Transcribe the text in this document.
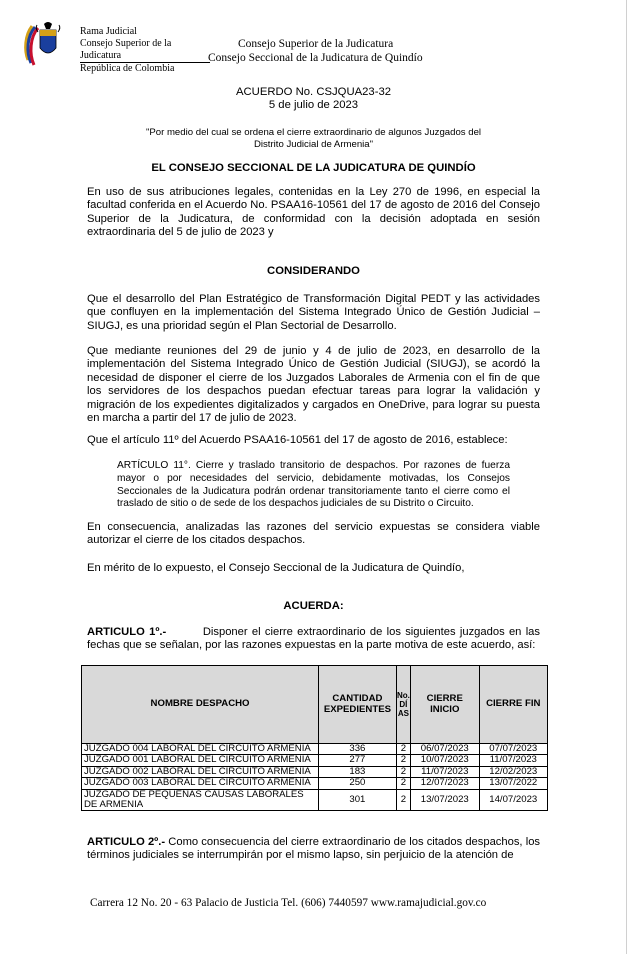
Rama Judicial
Consejo Superior de la Judicatura
República de Colombia
Consejo Superior de la Judicatura
Consejo Seccional de la Judicatura de Quindío
ACUERDO No. CSJQUA23-32
5 de julio de 2023
"Por medio del cual se ordena el cierre extraordinario de algunos Juzgados del
Distrito Judicial de Armenia"
EL CONSEJO SECCIONAL DE LA JUDICATURA DE QUINDÍO
En uso de sus atribuciones legales, contenidas en la Ley 270 de 1996, en especial la facultad conferida en el Acuerdo No. PSAA16-10561 del 17 de agosto de 2016 del Consejo Superior de la Judicatura, de conformidad con la decisión adoptada en sesión extraordinaria del 5 de julio de 2023 y
CONSIDERANDO
Que el desarrollo del Plan Estratégico de Transformación Digital PEDT y las actividades que confluyen en la implementación del Sistema Integrado Único de Gestión Judicial – SIUGJ, es una prioridad según el Plan Sectorial de Desarrollo.
Que mediante reuniones del 29 de junio y 4 de julio de 2023, en desarrollo de la implementación del Sistema Integrado Único de Gestión Judicial (SIUGJ), se acordó la necesidad de disponer el cierre de los Juzgados Laborales de Armenia con el fin de que los servidores de los despachos puedan efectuar tareas para lograr la validación y migración de los expedientes digitalizados y cargados en OneDrive, para lograr su puesta en marcha a partir del 17 de julio de 2023.
Que el artículo 11º del Acuerdo PSAA16-10561 del 17 de agosto de 2016, establece:
ARTÍCULO 11°. Cierre y traslado transitorio de despachos. Por razones de fuerza mayor o por necesidades del servicio, debidamente motivadas, los Consejos Seccionales de la Judicatura podrán ordenar transitoriamente tanto el cierre como el traslado de sitio o de sede de los despachos judiciales de su Distrito o Circuito.
En consecuencia, analizadas las razones del servicio expuestas se considera viable autorizar el cierre de los citados despachos.
En mérito de lo expuesto, el Consejo Seccional de la Judicatura de Quindío,
ACUERDA:
ARTICULO 1º.-	Disponer el cierre extraordinario de los siguientes juzgados en las fechas que se señalan, por las razones expuestas en la parte motiva de este acuerdo, así:
NOMBRE DESPACHO	CANTIDAD EXPEDIENTES	No. DÍAS	CIERRE INICIO	CIERRE FIN
JUZGADO 004 LABORAL DEL CIRCUITO ARMENIA	336	2	06/07/2023	07/07/2023
JUZGADO 001 LABORAL DEL CIRCUITO ARMENIA	277	2	10/07/2023	11/07/2023
JUZGADO 002 LABORAL DEL CIRCUITO ARMENIA	183	2	11/07/2023	12/02/2023
JUZGADO 003 LABORAL DEL CIRCUITO ARMENIA	250	2	12/07/2023	13/07/2022
JUZGADO DE PEQUEÑAS CAUSAS LABORALES DE ARMENIA	301	2	13/07/2023	14/07/2023
ARTICULO 2º.- Como consecuencia del cierre extraordinario de los citados despachos, los términos judiciales se interrumpirán por el mismo lapso, sin perjuicio de la atención de
Carrera 12 No. 20 - 63 Palacio de Justicia Tel. (606) 7440597 www.ramajudicial.gov.co
